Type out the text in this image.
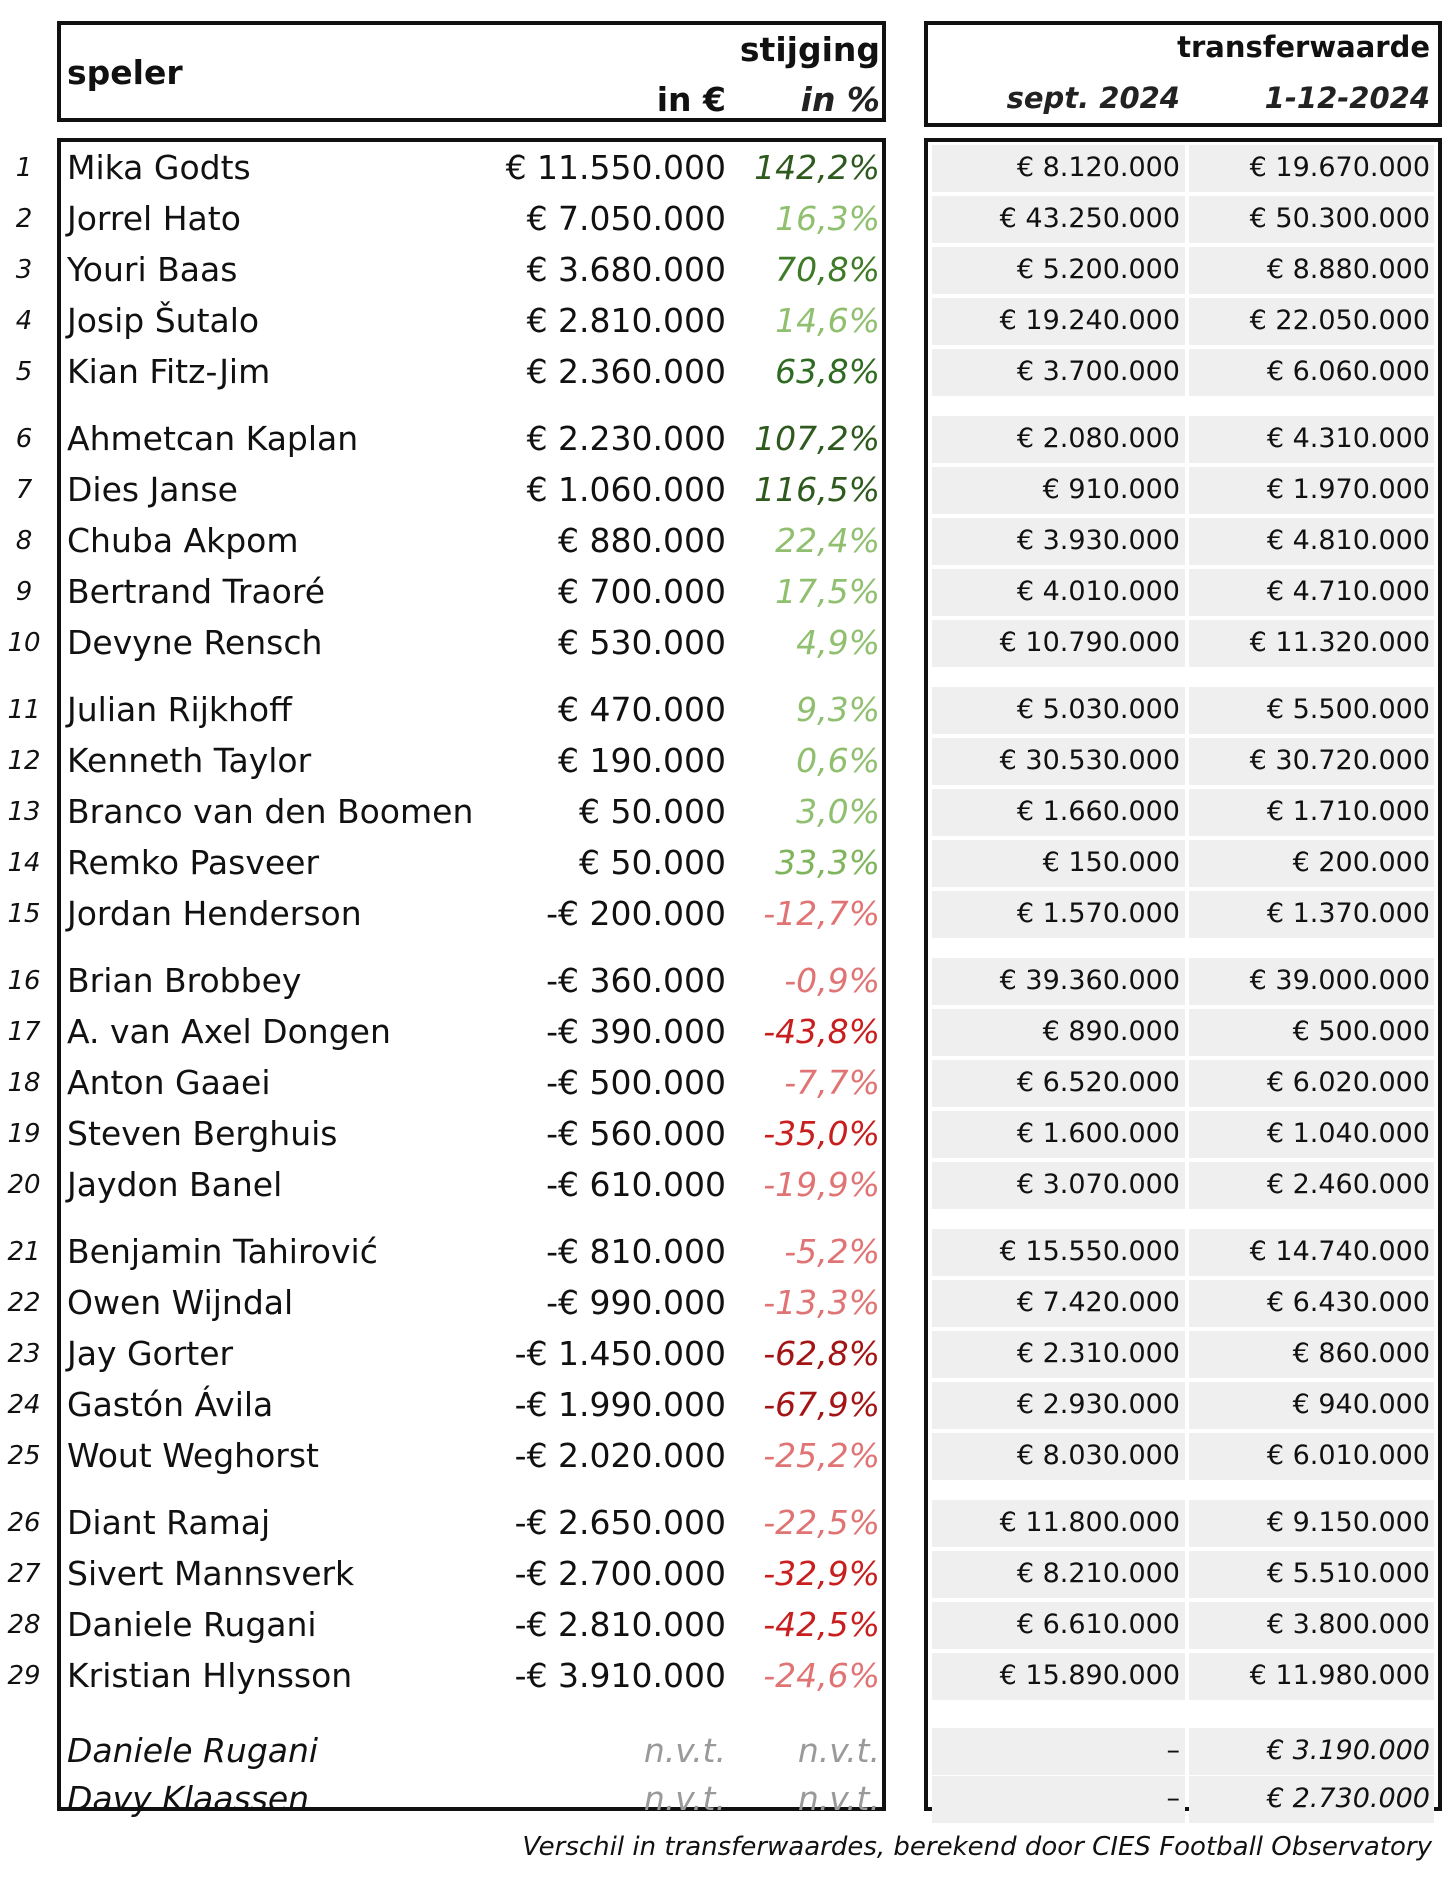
speler
in €
stijging
in %
transferwaarde
sept. 2024	1-12-2024
1	Mika Godts	€ 11.550.000 142,2%	€ 8.120.000	€ 19.670.000
2	Jorrel Hato	€ 7.050.000	16,3%	€ 43.250.000	€ 50.300.000
3	Youri Baas	€ 3.680.000	70,8%	€ 5.200.000	€ 8.880.000
4	Josip Šutalo	€ 2.810.000	14,6%	€ 19.240.000	€ 22.050.000
5	Kian Fitz-Jim	€ 2.360.000	63,8%	€ 3.700.000	€ 6.060.000
6	Ahmetcan Kaplan	€ 2.230.000 107,2%	€ 2.080.000	€ 4.310.000
7	Dies Janse	€ 1.060.000 116,5%	€ 910.000	€ 1.970.000
8	Chuba Akpom	€ 880.000	22,4%	€ 3.930.000	€ 4.810.000
9	Bertrand Traoré	€ 700.000	17,5%	€ 4.010.000	€ 4.710.000
10 Devyne Rensch	€ 530.000	4,9%	€ 10.790.000	€ 11.320.000
11 Julian Rijkhoff	€ 470.000	9,3%	€ 5.030.000	€ 5.500.000
12 Kenneth Taylor	€ 190.000	0,6%	€ 30.530.000	€ 30.720.000
13 Branco van den Boomen	€ 50.000	3,0%	€ 1.660.000	€ 1.710.000
14 Remko Pasveer	€ 50.000	33,3%	€ 150.000	€ 200.000
15 Jordan Henderson	-€ 200.000	-12,7%	€ 1.570.000	€ 1.370.000
16 Brian Brobbey	-€ 360.000	-0,9%	€ 39.360.000	€ 39.000.000
17 A. van Axel Dongen	-€ 390.000	-43,8%	€ 890.000	€ 500.000
18 Anton Gaaei	-€ 500.000	-7,7%	€ 6.520.000	€ 6.020.000
19 Steven Berghuis	-€ 560.000	-35,0%	€ 1.600.000	€ 1.040.000
20 Jaydon Banel	-€ 610.000	-19,9%	€ 3.070.000	€ 2.460.000
21 Benjamin Tahirović	-€ 810.000	-5,2%	€ 15.550.000	€ 14.740.000
22 Owen Wijndal	-€ 990.000	-13,3%	€ 7.420.000	€ 6.430.000
23 Jay Gorter	-€ 1.450.000	-62,8%	€ 2.310.000	€ 860.000
24 Gastón Ávila	-€ 1.990.000	-67,9%	€ 2.930.000	€ 940.000
25 Wout Weghorst	-€ 2.020.000	-25,2%	€ 8.030.000	€ 6.010.000
26 Diant Ramaj	-€ 2.650.000	-22,5%	€ 11.800.000	€ 9.150.000
27 Sivert Mannsverk	-€ 2.700.000	-32,9%	€ 8.210.000	€ 5.510.000
28 Daniele Rugani	-€ 2.810.000	-42,5%	€ 6.610.000	€ 3.800.000
29 Kristian Hlynsson	-€ 3.910.000	-24,6%	€ 15.890.000	€ 11.980.000
Daniele Rugani	n.v.t.	n.v.t.	–	€ 3.190.000
Davy Klaassen	n.v.t.	n.v.t.	–	€ 2.730.000
Verschil in transferwaardes, berekend door CIES Football Observatory
